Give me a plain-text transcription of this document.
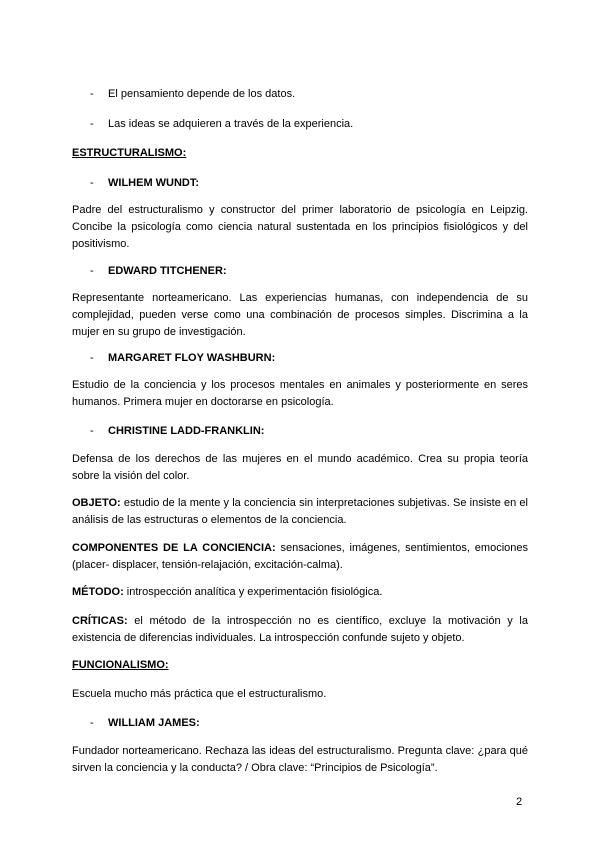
- El pensamiento depende de los datos.
- Las ideas se adquieren a través de la experiencia.
ESTRUCTURALISMO:
- WILHEM WUNDT:
Padre del estructuralismo y constructor del primer laboratorio de psicología en Leipzig. Concibe la psicología como ciencia natural sustentada en los principios fisiológicos y del positivismo.
- EDWARD TITCHENER:
Representante norteamericano. Las experiencias humanas, con independencia de su complejidad, pueden verse como una combinación de procesos simples. Discrimina a la mujer en su grupo de investigación.
- MARGARET FLOY WASHBURN:
Estudio de la conciencia y los procesos mentales en animales y posteriormente en seres humanos. Primera mujer en doctorarse en psicología.
- CHRISTINE LADD-FRANKLIN:
Defensa de los derechos de las mujeres en el mundo académico. Crea su propia teoría sobre la visión del color.
OBJETO: estudio de la mente y la conciencia sin interpretaciones subjetivas. Se insiste en el análisis de las estructuras o elementos de la conciencia.
COMPONENTES DE LA CONCIENCIA: sensaciones, imágenes, sentimientos, emociones (placer- displacer, tensión-relajación, excitación-calma).
MÉTODO: introspección analítica y experimentación fisiológica.
CRÍTICAS: el método de la introspección no es científico, excluye la motivación y la existencia de diferencias individuales. La introspección confunde sujeto y objeto.
FUNCIONALISMO:
Escuela mucho más práctica que el estructuralismo.
- WILLIAM JAMES:
Fundador norteamericano. Rechaza las ideas del estructuralismo. Pregunta clave: ¿para qué sirven la conciencia y la conducta? / Obra clave: “Principios de Psicología”.
2
